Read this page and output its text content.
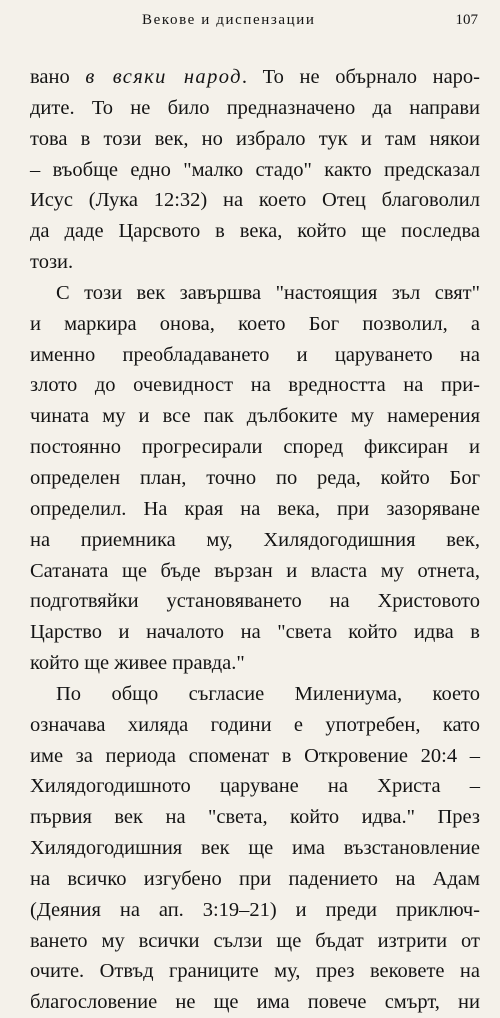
Векове и диспензации	107
вано в всяки народ. То не обърнало наро-
дите. То не било предназначено да направи
това в този век, но избрало тук и там някои
– въобще едно "малко стадо" както предсказал
Исус (Лука 12:32) на което Отец благоволил
да даде Царсвото в века, който ще последва
този.
С този век завършва "настоящия зъл свят"
и маркира онова, което Бог позволил, а
именно преобладаването и царуването на
злото до очевидност на вредността на при-
чината му и все пак дълбоките му намерения
постоянно прогресирали според фиксиран и
определен план, точно по реда, който Бог
определил. На края на века, при зазоряване
на приемника му, Хилядогодишния век,
Сатаната ще бъде вързан и власта му отнета,
подготвяйки установяването на Христовото
Царство и началото на "света който идва в
който ще живее правда."
По общо съгласие Милениума, което
означава хиляда години е употребен, като
име за периода споменат в Откровение 20:4 –
Хилядогодишното царуване на Христа –
първия век на "света, който идва." През
Хилядогодишния век ще има възстановление
на всичко изгубено при падението на Адам
(Деяния на ап. 3:19–21) и преди приключ-
ването му всички сълзи ще бъдат изтрити от
очите. Отвъд границите му, през вековете на
благословение не ще има повече смърт, ни
